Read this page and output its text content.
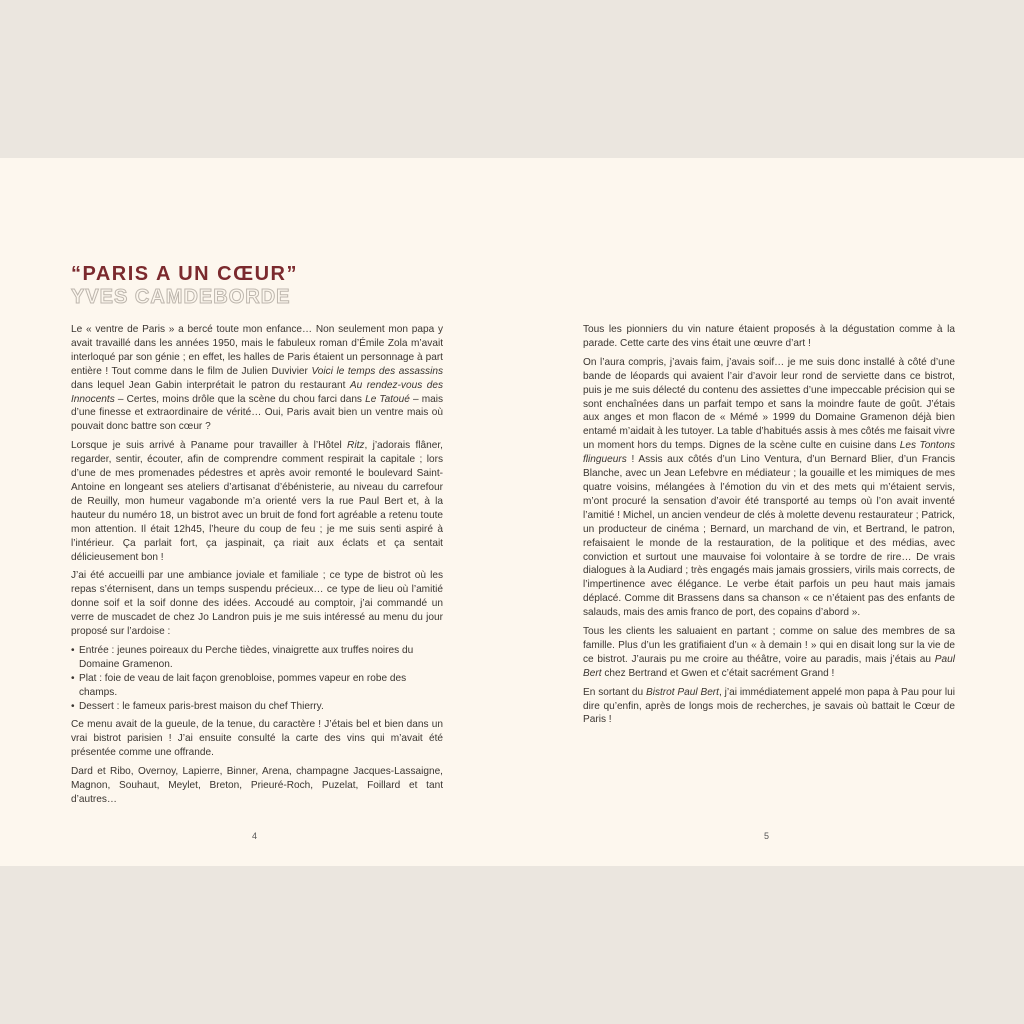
“PARIS A UN CŒUR”
YVES CAMDEBORDE

Le « ventre de Paris » a bercé toute mon enfance… Non seulement mon papa y avait travaillé dans les années 1950, mais le fabuleux roman d’Émile Zola m’avait interloqué par son génie ; en effet, les halles de Paris étaient un personnage à part entière ! Tout comme dans le film de Julien Duvivier Voici le temps des assassins dans lequel Jean Gabin interprétait le patron du restaurant Au rendez-vous des Innocents – Certes, moins drôle que la scène du chou farci dans Le Tatoué – mais d’une finesse et extraordinaire de vérité… Oui, Paris avait bien un ventre mais où pouvait donc battre son cœur ?

Lorsque je suis arrivé à Paname pour travailler à l’Hôtel Ritz, j’adorais flâner, regarder, sentir, écouter, afin de comprendre comment respirait la capitale ; lors d’une de mes promenades pédestres et après avoir remonté le boulevard Saint-Antoine en longeant ses ateliers d’artisanat d’ébénisterie, au niveau du carrefour de Reuilly, mon humeur vagabonde m’a orienté vers la rue Paul Bert et, à la hauteur du numéro 18, un bistrot avec un bruit de fond fort agréable a retenu toute mon attention. Il était 12h45, l’heure du coup de feu ; je me suis senti aspiré à l’intérieur. Ça parlait fort, ça jaspinait, ça riait aux éclats et ça sentait délicieusement bon !

J’ai été accueilli par une ambiance joviale et familiale ; ce type de bistrot où les repas s’éternisent, dans un temps suspendu précieux… ce type de lieu où l’amitié donne soif et la soif donne des idées. Accoudé au comptoir, j’ai commandé un verre de muscadet de chez Jo Landron puis je me suis intéressé au menu du jour proposé sur l’ardoise :

• Entrée : jeunes poireaux du Perche tièdes, vinaigrette aux truffes noires du Domaine Gramenon.
• Plat : foie de veau de lait façon grenobloise, pommes vapeur en robe des champs.
• Dessert : le fameux paris-brest maison du chef Thierry.

Ce menu avait de la gueule, de la tenue, du caractère ! J’étais bel et bien dans un vrai bistrot parisien ! J’ai ensuite consulté la carte des vins qui m’avait été présentée comme une offrande.

Dard et Ribo, Overnoy, Lapierre, Binner, Arena, champagne Jacques-Lassaigne, Magnon, Souhaut, Meylet, Breton, Prieuré-Roch, Puzelat, Foillard et tant d’autres…

Tous les pionniers du vin nature étaient proposés à la dégustation comme à la parade. Cette carte des vins était une œuvre d’art !

On l’aura compris, j’avais faim, j’avais soif… je me suis donc installé à côté d’une bande de léopards qui avaient l’air d’avoir leur rond de serviette dans ce bistrot, puis je me suis délecté du contenu des assiettes d’une impeccable précision qui se sont enchaînées dans un parfait tempo et sans la moindre faute de goût. J’étais aux anges et mon flacon de « Mémé » 1999 du Domaine Gramenon déjà bien entamé m’aidait à les tutoyer. La table d’habitués assis à mes côtés me faisait vivre un moment hors du temps. Dignes de la scène culte en cuisine dans Les Tontons flingueurs ! Assis aux côtés d’un Lino Ventura, d’un Bernard Blier, d’un Francis Blanche, avec un Jean Lefebvre en médiateur ; la gouaille et les mimiques de mes quatre voisins, mélangées à l’émotion du vin et des mets qui m’étaient servis, m’ont procuré la sensation d’avoir été transporté au temps où l’on avait inventé l’amitié ! Michel, un ancien vendeur de clés à molette devenu restaurateur ; Patrick, un producteur de cinéma ; Bernard, un marchand de vin, et Bertrand, le patron, refaisaient le monde de la restauration, de la politique et des médias, avec conviction et surtout une mauvaise foi volontaire à se tordre de rire… De vrais dialogues à la Audiard ; très engagés mais jamais grossiers, virils mais corrects, de l’impertinence avec élégance. Le verbe était parfois un peu haut mais jamais déplacé. Comme dit Brassens dans sa chanson « ce n’étaient pas des enfants de salauds, mais des amis franco de port, des copains d’abord ».

Tous les clients les saluaient en partant ; comme on salue des membres de sa famille. Plus d’un les gratifiaient d’un « à demain ! » qui en disait long sur la vie de ce bistrot. J’aurais pu me croire au théâtre, voire au paradis, mais j’étais au Paul Bert chez Bertrand et Gwen et c’était sacrément Grand !

En sortant du Bistrot Paul Bert, j’ai immédiatement appelé mon papa à Pau pour lui dire qu’enfin, après de longs mois de recherches, je savais où battait le Cœur de Paris !

4	5
